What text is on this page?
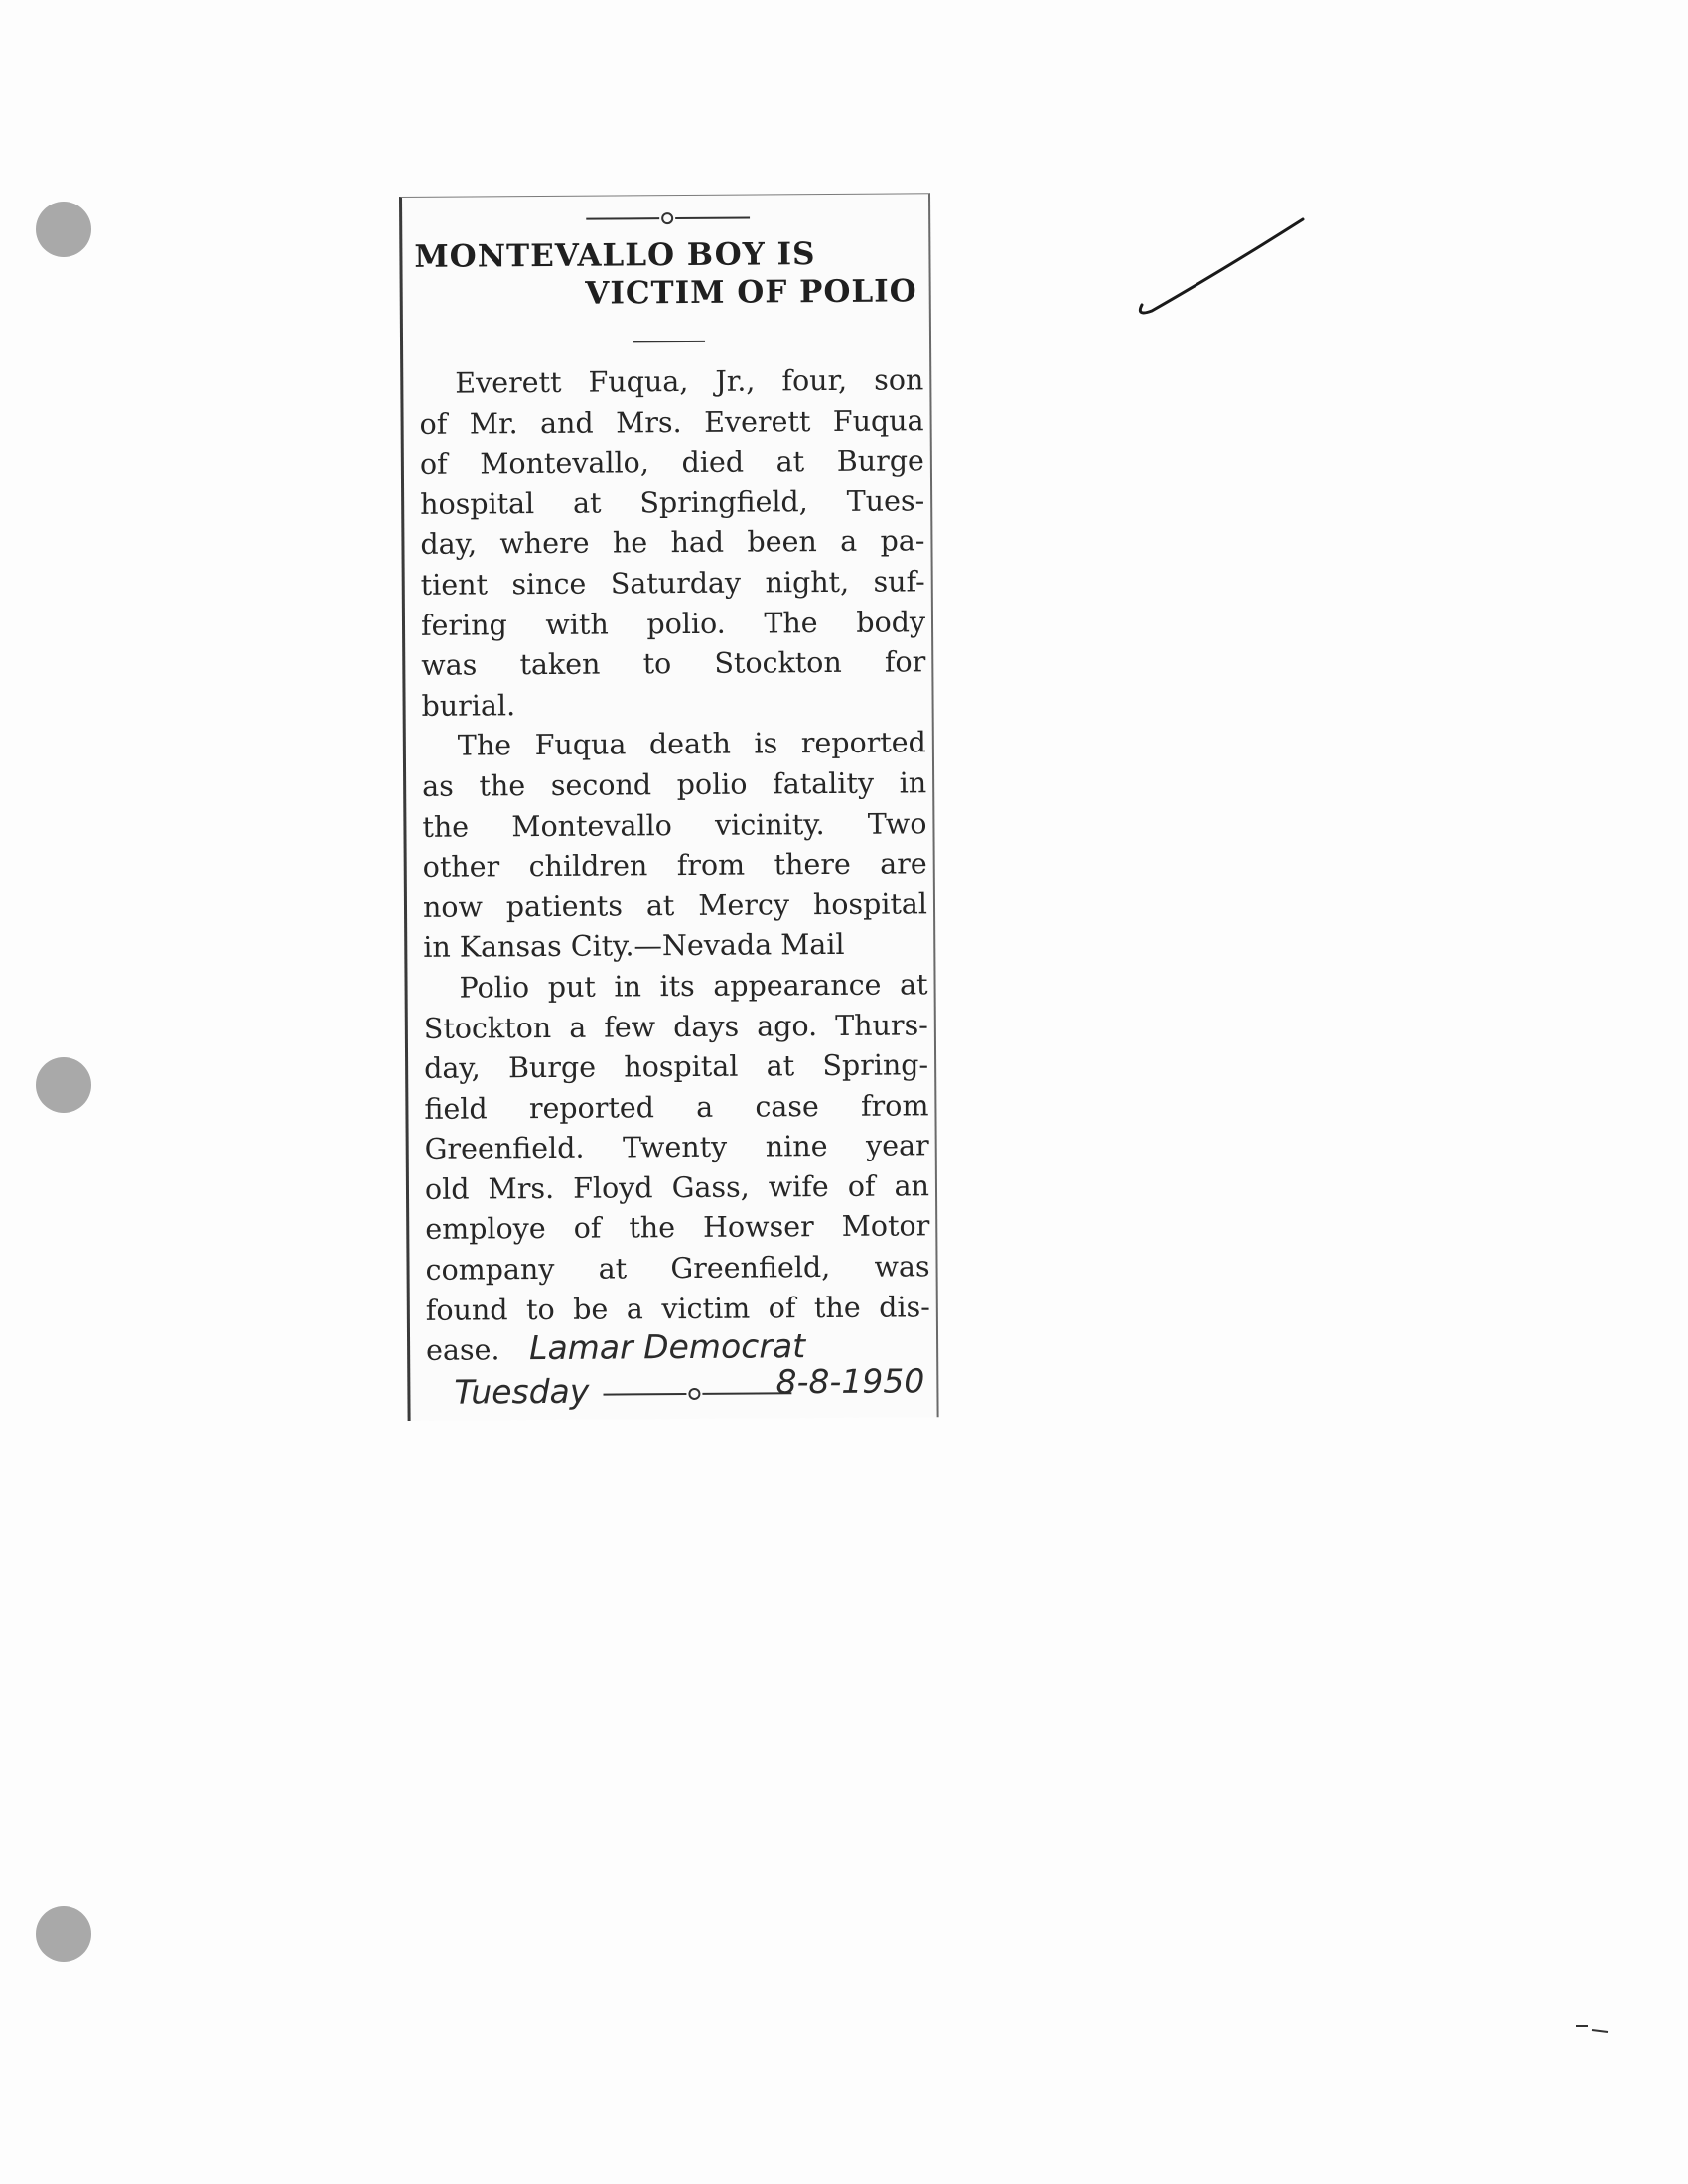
MONTEVALLO BOY IS
VICTIM OF POLIO

Everett Fuqua, Jr., four, son
of Mr. and Mrs. Everett Fuqua
of Montevallo, died at Burge
hospital at Springfield, Tues-
day, where he had been a pa-
tient since Saturday night, suf-
fering with polio. The body
was taken to Stockton for
burial.

The Fuqua death is reported
as the second polio fatality in
the Montevallo vicinity. Two
other children from there are
now patients at Mercy hospital
in Kansas City.—Nevada Mail

Polio put in its appearance at
Stockton a few days ago. Thurs-
day, Burge hospital at Spring-
field reported a case from
Greenfield. Twenty nine year
old Mrs. Floyd Gass, wife of an
employe of the Howser Motor
company at Greenfield, was
found to be a victim of the dis-
ease. Lamar Democrat
Tuesday	8-8-1950
